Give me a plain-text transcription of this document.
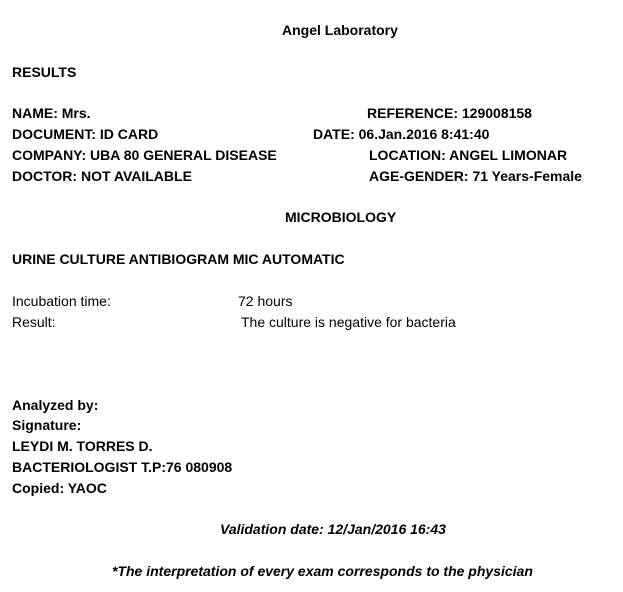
Angel Laboratory
RESULTS
NAME: Mrs.	REFERENCE: 129008158
DOCUMENT: ID CARD	DATE: 06.Jan.2016 8:41:40
COMPANY: UBA 80 GENERAL DISEASE	LOCATION: ANGEL LIMONAR
DOCTOR: NOT AVAILABLE	AGE-GENDER: 71 Years-Female
MICROBIOLOGY
URINE CULTURE ANTIBIOGRAM MIC AUTOMATIC
Incubation time:	72 hours
Result:	The culture is negative for bacteria
Analyzed by:
Signature:
LEYDI M. TORRES D.
BACTERIOLOGIST T.P:76 080908
Copied: YAOC
Validation date: 12/Jan/2016 16:43
*The interpretation of every exam corresponds to the physician
